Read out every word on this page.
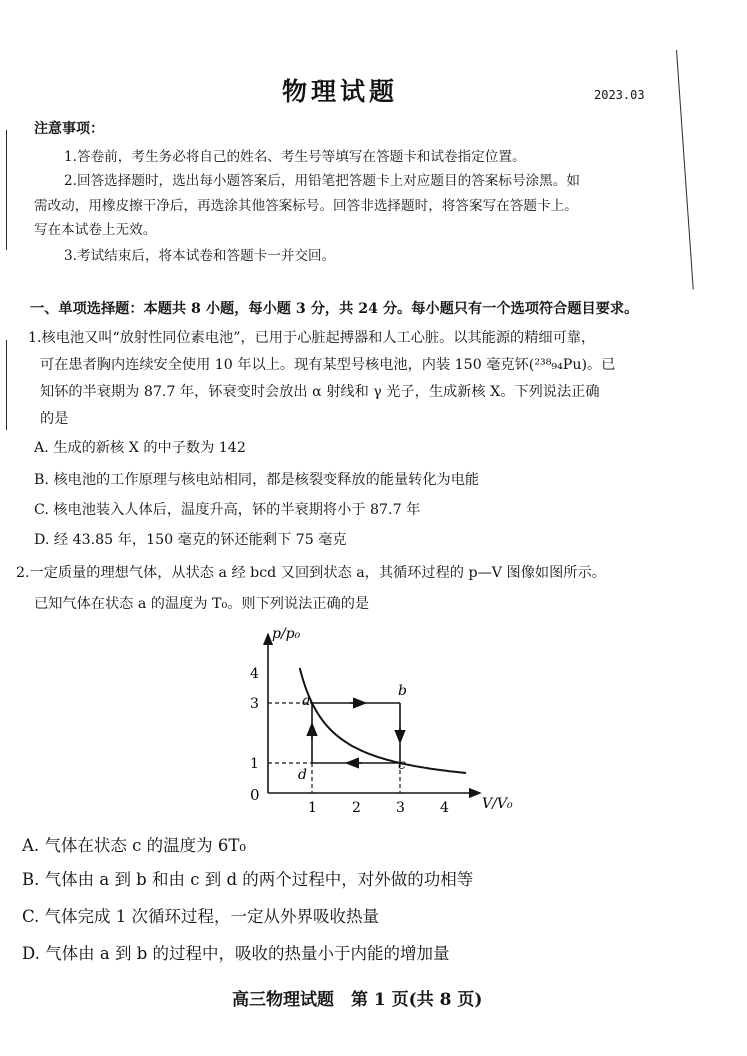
物理试题	2023.03
注意事项：
1.答卷前，考生务必将自己的姓名、考生号等填写在答题卡和试卷指定位置。
2.回答选择题时，选出每小题答案后，用铅笔把答题卡上对应题目的答案标号涂黑。如
需改动，用橡皮擦干净后，再选涂其他答案标号。回答非选择题时，将答案写在答题卡上。
写在本试卷上无效。
3.考试结束后，将本试卷和答题卡一并交回。
一、单项选择题：本题共 8 小题，每小题 3 分，共 24 分。每小题只有一个选项符合题目要求。
1.核电池又叫“放射性同位素电池”，已用于心脏起搏器和人工心脏。以其能源的精细可靠，
可在患者胸内连续安全使用 10 年以上。现有某型号核电池，内装 150 毫克钚(²³⁸₉₄Pu)。已
知钚的半衰期为 87.7 年，钚衰变时会放出 α 射线和 γ 光子，生成新核 X。下列说法正确
的是
A. 生成的新核 X 的中子数为 142
B. 核电池的工作原理与核电站相同，都是核裂变释放的能量转化为电能
C. 核电池装入人体后，温度升高，钚的半衰期将小于 87.7 年
D. 经 43.85 年，150 毫克的钚还能剩下 75 毫克
2.一定质量的理想气体，从状态 a 经 bcd 又回到状态 a，其循环过程的 p—V 图像如图所示。
已知气体在状态 a 的温度为 T₀。则下列说法正确的是
1	2	3	4
1
3
4
a
b
c
d
p/p₀
V/V₀
0
A. 气体在状态 c 的温度为 6T₀
B. 气体由 a 到 b 和由 c 到 d 的两个过程中，对外做的功相等
C. 气体完成 1 次循环过程，一定从外界吸收热量
D. 气体由 a 到 b 的过程中，吸收的热量小于内能的增加量
高三物理试题　第 1 页(共 8 页)
